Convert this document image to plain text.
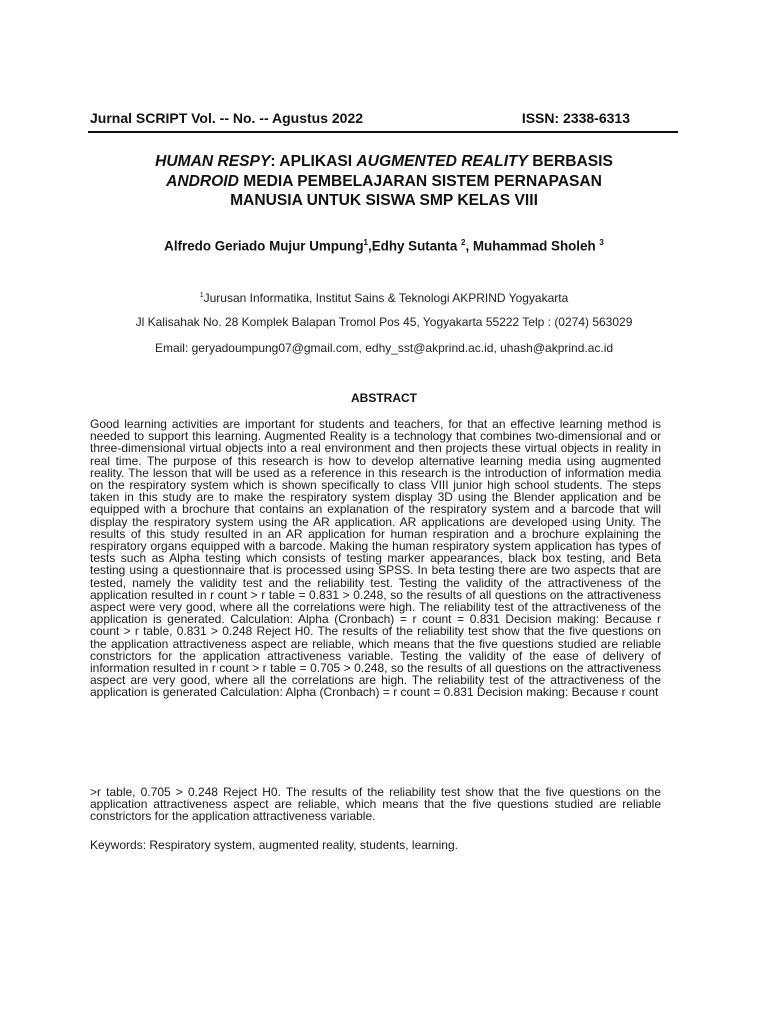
Jurnal SCRIPT Vol. -- No. -- Agustus 2022	ISSN: 2338-6313
HUMAN RESPY: APLIKASI AUGMENTED REALITY BERBASIS
ANDROID MEDIA PEMBELAJARAN SISTEM PERNAPASAN
MANUSIA UNTUK SISWA SMP KELAS VIII
Alfredo Geriado Mujur Umpung$^1$,Edhy Sutanta $^2$, Muhammad Sholeh $^3$
$^1$Jurusan Informatika, Institut Sains & Teknologi AKPRIND Yogyakarta
Jl Kalisahak No. 28 Komplek Balapan Tromol Pos 45, Yogyakarta 55222 Telp : (0274) 563029
Email: geryadoumpung07@gmail.com, edhy_sst@akprind.ac.id, uhash@akprind.ac.id
ABSTRACT

Good learning activities are important for students and teachers, for that an effective learning method is needed to support this learning. Augmented Reality is a technology that combines two-dimensional and or three-dimensional virtual objects into a real environment and then projects these virtual objects in reality in real time. The purpose of this research is how to develop alternative learning media using augmented reality. The lesson that will be used as a reference in this research is the introduction of information media on the respiratory system which is shown specifically to class VIII junior high school students. The steps taken in this study are to make the respiratory system display 3D using the Blender application and be equipped with a brochure that contains an explanation of the respiratory system and a barcode that will display the respiratory system using the AR application. AR applications are developed using Unity. The results of this study resulted in an AR application for human respiration and a brochure explaining the respiratory organs equipped with a barcode. Making the human respiratory system application has types of tests such as Alpha testing which consists of testing marker appearances, black box testing, and Beta testing using a questionnaire that is processed using SPSS. In beta testing there are two aspects that are tested, namely the validity test and the reliability test. Testing the validity of the attractiveness of the application resulted in r count > r table = 0.831 > 0.248, so the results of all questions on the attractiveness aspect were very good, where all the correlations were high. The reliability test of the attractiveness of the application is generated. Calculation: Alpha (Cronbach) = r count = 0.831 Decision making: Because r count > r table, 0.831 > 0.248 Reject H0. The results of the reliability test show that the five questions on the application attractiveness aspect are reliable, which means that the five questions studied are reliable constrictors for the application attractiveness variable. Testing the validity of the ease of delivery of information resulted in r count > r table = 0.705 > 0.248, so the results of all questions on the attractiveness aspect are very good, where all the correlations are high. The reliability test of the attractiveness of the application is generated Calculation: Alpha (Cronbach) = r count = 0.831 Decision making: Because r count

>r table, 0.705 > 0.248 Reject H0. The results of the reliability test show that the five questions on the application attractiveness aspect are reliable, which means that the five questions studied are reliable constrictors for the application attractiveness variable.

Keywords: Respiratory system, augmented reality, students, learning.
